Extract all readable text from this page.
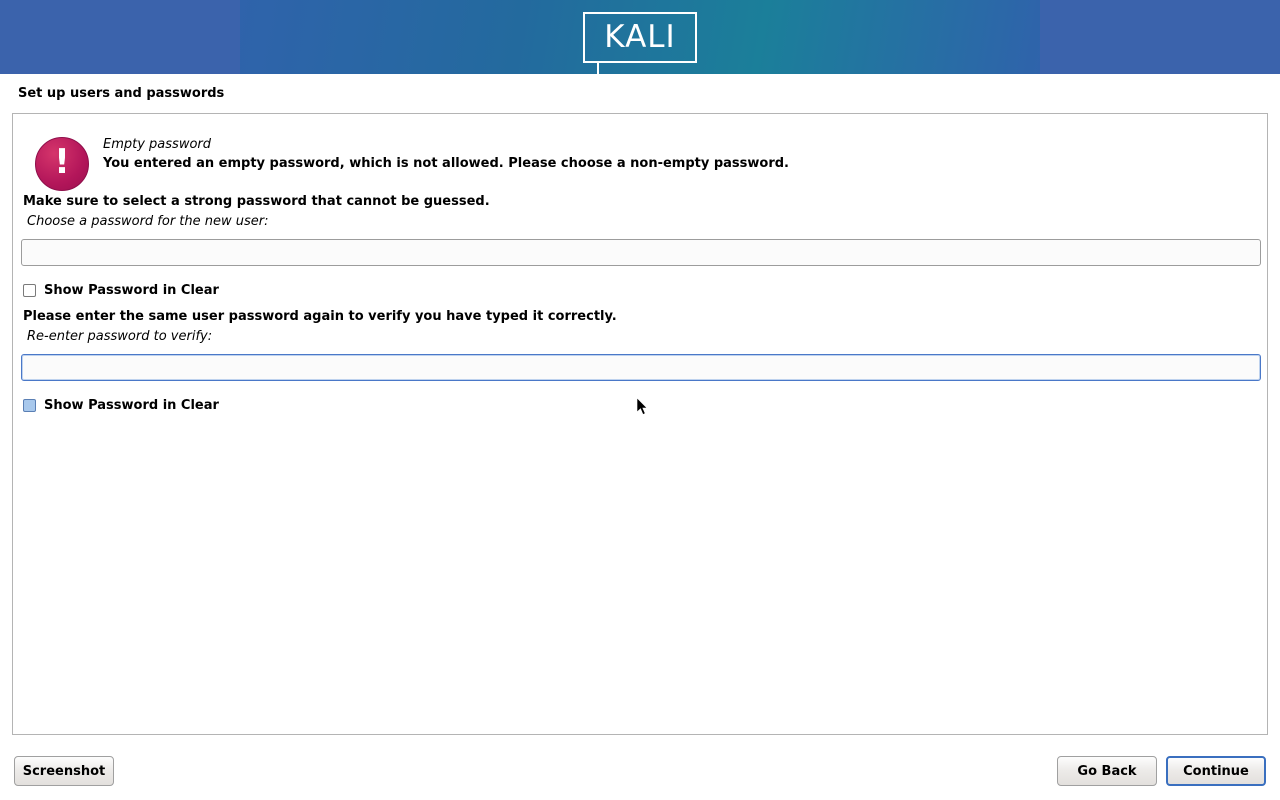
KALI
Set up users and passwords
!	Empty password
You entered an empty password, which is not allowed. Please choose a non-empty password.
Make sure to select a strong password that cannot be guessed.
Choose a password for the new user:
Show Password in Clear
Please enter the same user password again to verify you have typed it correctly.
Re-enter password to verify:
Show Password in Clear
Screenshot	Go Back	Continue
